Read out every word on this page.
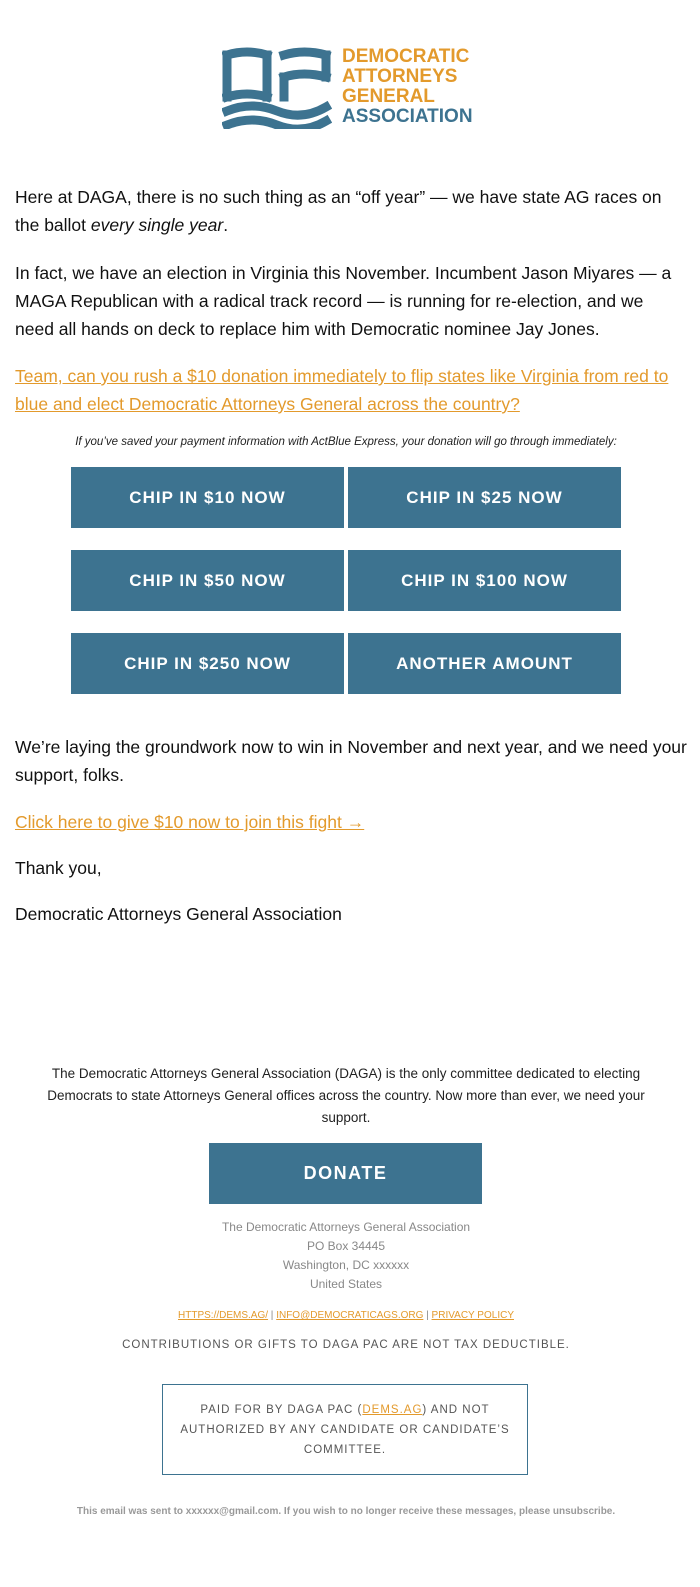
DEMOCRATIC
ATTORNEYS
GENERAL
ASSOCIATION

Here at DAGA, there is no such thing as an “off year” — we have state AG races on the ballot every single year.

In fact, we have an election in Virginia this November. Incumbent Jason Miyares — a MAGA Republican with a radical track record — is running for re-election, and we need all hands on deck to replace him with Democratic nominee Jay Jones.

Team, can you rush a $10 donation immediately to flip states like Virginia from red to blue and elect Democratic Attorneys General across the country?

If you’ve saved your payment information with ActBlue Express, your donation will go through immediately:
CHIP IN $10 NOW	CHIP IN $25 NOW
CHIP IN $50 NOW	CHIP IN $100 NOW
CHIP IN $250 NOW	ANOTHER AMOUNT

We’re laying the groundwork now to win in November and next year, and we need your support, folks.

Click here to give $10 now to join this fight →

Thank you,

Democratic Attorneys General Association

The Democratic Attorneys General Association (DAGA) is the only committee dedicated to electing Democrats to state Attorneys General offices across the country. Now more than ever, we need your support.
DONATE
The Democratic Attorneys General Association
PO Box 34445
Washington, DC xxxxxx
United States
HTTPS://DEMS.AG/ | INFO@DEMOCRATICAGS.ORG | PRIVACY POLICY
CONTRIBUTIONS OR GIFTS TO DAGA PAC ARE NOT TAX DEDUCTIBLE.
PAID FOR BY DAGA PAC (DEMS.AG) AND NOT AUTHORIZED BY ANY CANDIDATE OR CANDIDATE’S COMMITTEE.
This email was sent to xxxxxx@gmail.com. If you wish to no longer receive these messages, please unsubscribe.
